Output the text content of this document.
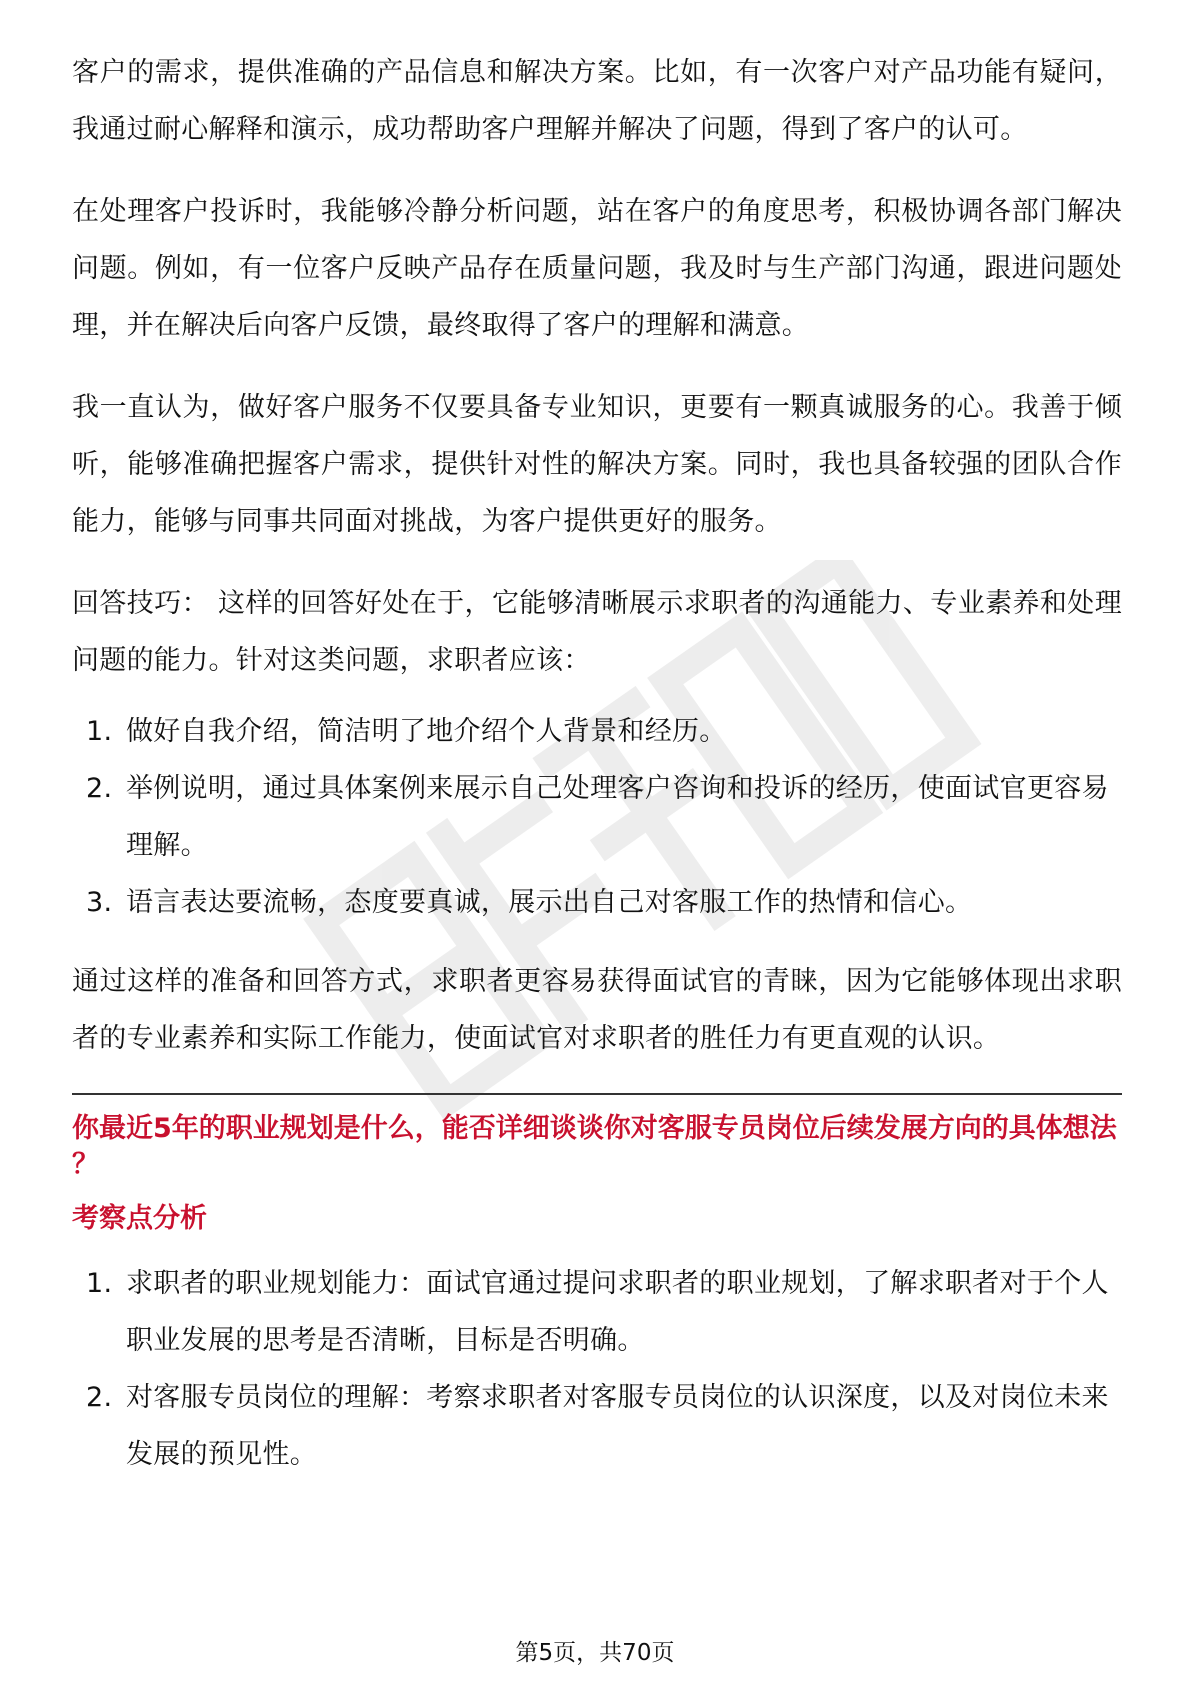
客户的需求，提供准确的产品信息和解决方案。比如，有一次客户对产品功能有疑问，我通过耐心解释和演示，成功帮助客户理解并解决了问题，得到了客户的认可。

在处理客户投诉时，我能够冷静分析问题，站在客户的角度思考，积极协调各部门解决问题。例如，有一位客户反映产品存在质量问题，我及时与生产部门沟通，跟进问题处理，并在解决后向客户反馈，最终取得了客户的理解和满意。

我一直认为，做好客户服务不仅要具备专业知识，更要有一颗真诚服务的心。我善于倾听，能够准确把握客户需求，提供针对性的解决方案。同时，我也具备较强的团队合作能力，能够与同事共同面对挑战，为客户提供更好的服务。

回答技巧： 这样的回答好处在于，它能够清晰展示求职者的沟通能力、专业素养和处理问题的能力。针对这类问题，求职者应该：

1. 做好自我介绍，简洁明了地介绍个人背景和经历。
2. 举例说明，通过具体案例来展示自己处理客户咨询和投诉的经历，使面试官更容易理解。
3. 语言表达要流畅，态度要真诚，展示出自己对客服工作的热情和信心。

通过这样的准备和回答方式，求职者更容易获得面试官的青睐，因为它能够体现出求职者的专业素养和实际工作能力，使面试官对求职者的胜任力有更直观的认识。

你最近5年的职业规划是什么，能否详细谈谈你对客服专员岗位后续发展方向的具体想法 ？
考察点分析
1. 求职者的职业规划能力：面试官通过提问求职者的职业规划，了解求职者对于个人职业发展的思考是否清晰，目标是否明确。
2. 对客服专员岗位的理解：考察求职者对客服专员岗位的认识深度，以及对岗位未来发展的预见性。
第5页，共70页
